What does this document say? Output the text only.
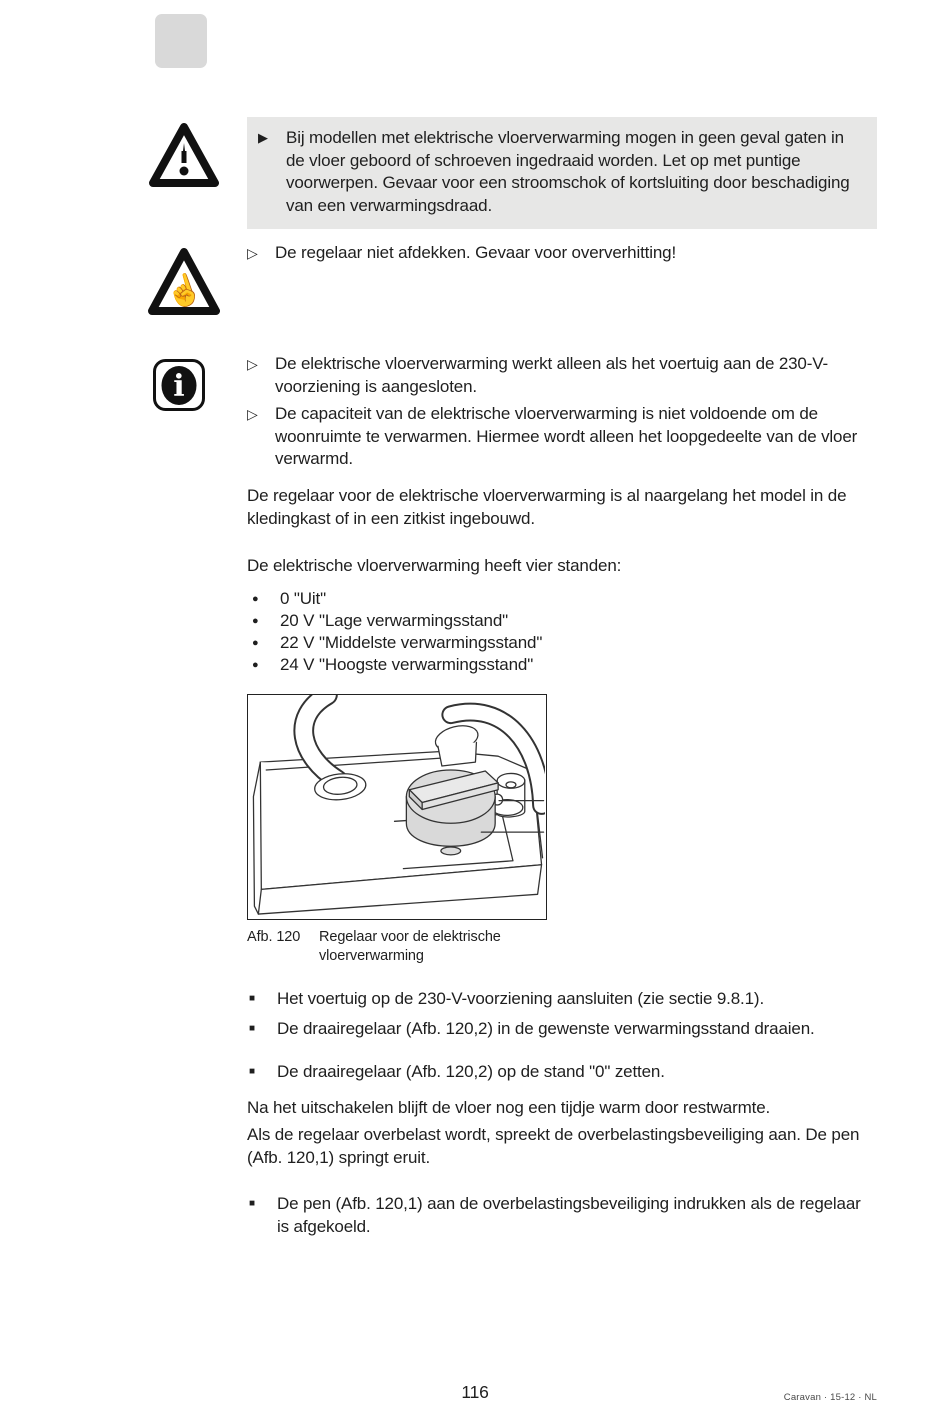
▶	Bij modellen met elektrische vloerverwarming mogen in geen geval gaten in de vloer geboord of schroeven ingedraaid worden. Let op met puntige voorwerpen. Gevaar voor een stroomschok of kortsluiting door beschadiging van een verwarmingsdraad.
☝
▷	De regelaar niet afdekken. Gevaar voor oververhitting!
i
▷	De elektrische vloerverwarming werkt alleen als het voertuig aan de 230-V-voorziening is aangesloten.
▷	De capaciteit van de elektrische vloerverwarming is niet voldoende om de woonruimte te verwarmen. Hiermee wordt alleen het loopgedeelte van de vloer verwarmd.
De regelaar voor de elektrische vloerverwarming is al naargelang het model in de kledingkast of in een zitkist ingebouwd.
De elektrische vloerverwarming heeft vier standen:
●	0 "Uit"
●	20 V "Lage verwarmingsstand"
●	22 V "Middelste verwarmingsstand"
●	24 V "Hoogste verwarmingsstand"
Afb. 120	Regelaar voor de elektrische vloerverwarming
■	Het voertuig op de 230-V-voorziening aansluiten (zie sectie 9.8.1).
■	De draairegelaar (Afb. 120,2) in de gewenste verwarmingsstand draaien.
■	De draairegelaar (Afb. 120,2) op de stand "0" zetten.
Na het uitschakelen blijft de vloer nog een tijdje warm door restwarmte.
Als de regelaar overbelast wordt, spreekt de overbelastingsbeveiliging aan. De pen (Afb. 120,1) springt eruit.
■	De pen (Afb. 120,1) aan de overbelastingsbeveiliging indrukken als de regelaar is afgekoeld.
116	Caravan · 15-12 · NL
